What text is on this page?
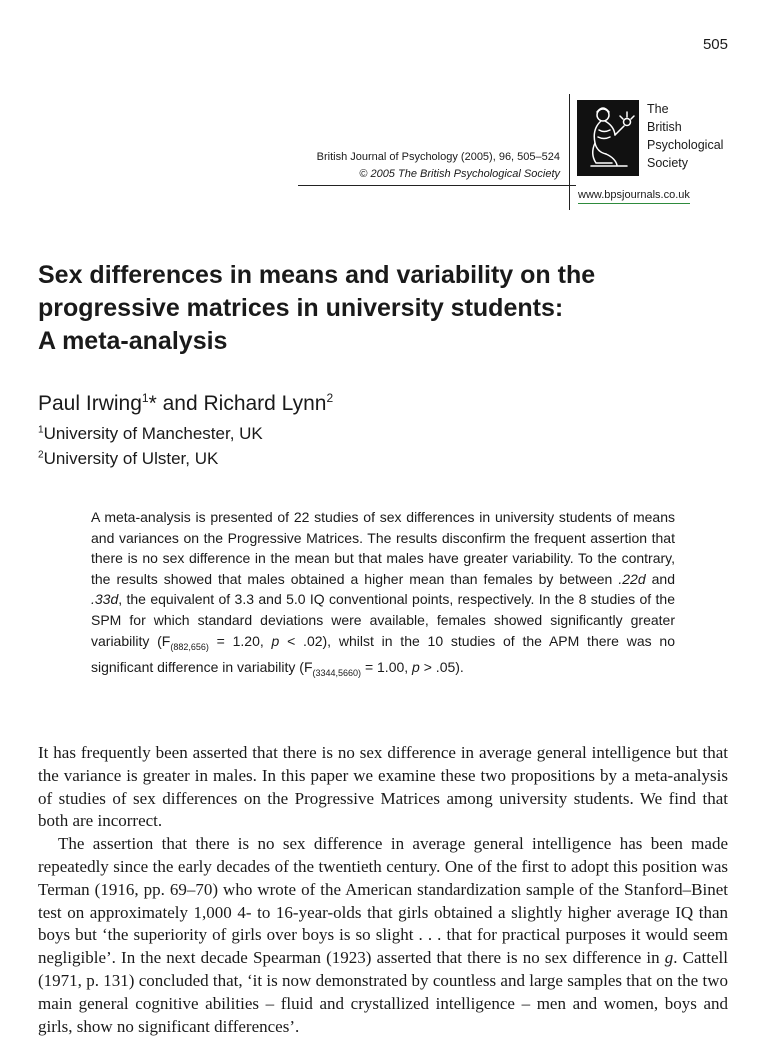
505
British Journal of Psychology (2005), 96, 505–524
© 2005 The British Psychological Society
The
British
Psychological
Society
www.bpsjournals.co.uk
Sex differences in means and variability on the
progressive matrices in university students:
A meta-analysis
Paul Irwing$^1$* and Richard Lynn$^2$
$^1$University of Manchester, UK
$^2$University of Ulster, UK

A meta-analysis is presented of 22 studies of sex differences in university students of means and variances on the Progressive Matrices. The results disconfirm the frequent assertion that there is no sex difference in the mean but that males have greater variability. To the contrary, the results showed that males obtained a higher mean than females by between .22d and .33d, the equivalent of 3.3 and 5.0 IQ conventional points, respectively. In the 8 studies of the SPM for which standard deviations were available, females showed significantly greater variability ($F_{(882,656)} = 1.20$, p < .02), whilst in the 10 studies of the APM there was no significant difference in variability ($F_{(3344,5660)} = 1.00$, p > .05).

It has frequently been asserted that there is no sex difference in average general intelligence but that the variance is greater in males. In this paper we examine these two propositions by a meta-analysis of studies of sex differences on the Progressive Matrices among university students. We find that both are incorrect.

The assertion that there is no sex difference in average general intelligence has been made repeatedly since the early decades of the twentieth century. One of the first to adopt this position was Terman (1916, pp. 69–70) who wrote of the American standardization sample of the Stanford–Binet test on approximately 1,000 4- to 16-year-olds that girls obtained a slightly higher average IQ than boys but ‘the superiority of girls over boys is so slight . . . that for practical purposes it would seem negligible’. In the next decade Spearman (1923) asserted that there is no sex difference in g. Cattell (1971, p. 131) concluded that, ‘it is now demonstrated by countless and large samples that on the two main general cognitive abilities – fluid and crystallized intelligence – men and women, boys and girls, show no significant differences’.
